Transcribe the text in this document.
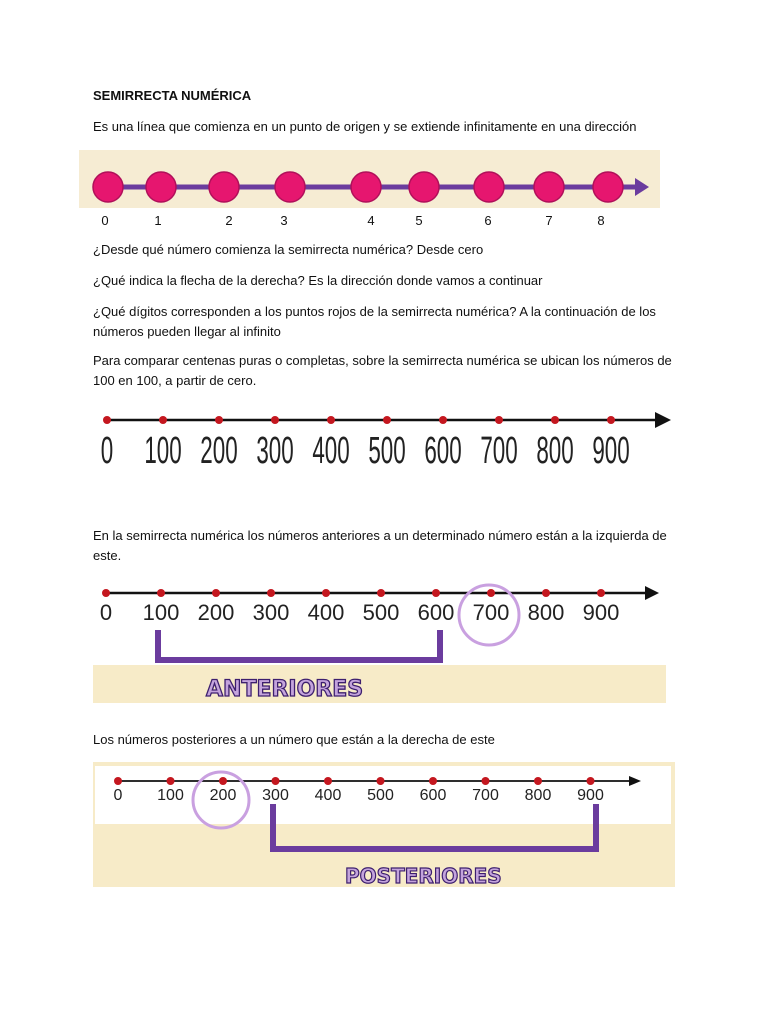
SEMIRRECTA NUMÉRICA

Es una línea que comienza en un punto de origen y se extiende infinitamente en una dirección

0	1	2	3	4	5	6	7	8

¿Desde qué número comienza la semirrecta numérica? Desde cero

¿Qué indica la flecha de la derecha? Es la dirección donde vamos a continuar

¿Qué dígitos corresponden a los puntos rojos de la semirrecta numérica? A la continuación de los números pueden llegar al infinito

Para comparar centenas puras o completas, sobre la semirrecta numérica se ubican los números de 100 en 100, a partir de cero.

0 100 200 300 400 500 600 700 800 900

En la semirrecta numérica los números anteriores a un determinado número están a la izquierda de este.

0 100 200 300 400 500 600 700 800 900
ANTERIORES

Los números posteriores a un número que están a la derecha de este

0 100 200 300 400 500 600 700 800 900
POSTERIORES
